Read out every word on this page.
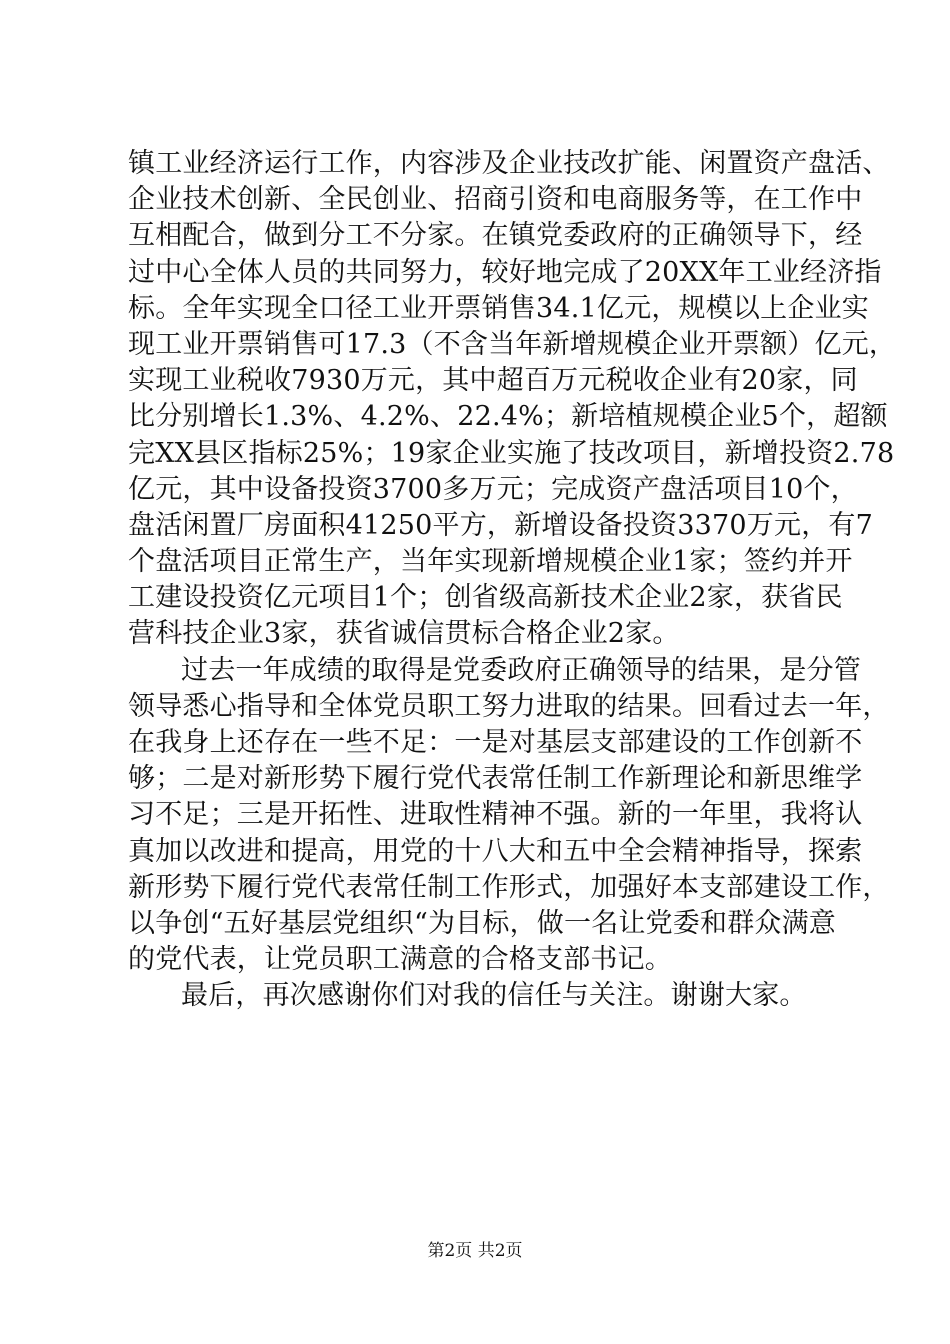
镇工业经济运行工作，内容涉及企业技改扩能、闲置资产盘活、
企业技术创新、全民创业、招商引资和电商服务等，在工作中
互相配合，做到分工不分家。在镇党委政府的正确领导下，经
过中心全体人员的共同努力，较好地完成了20XX年工业经济指
标。全年实现全口径工业开票销售34.1亿元，规模以上企业实
现工业开票销售可17.3（不含当年新增规模企业开票额）亿元，
实现工业税收7930万元，其中超百万元税收企业有20家，同
比分别增长1.3%、4.2%、22.4%；新培植规模企业5个，超额
完XX县区指标25%；19家企业实施了技改项目，新增投资2.78
亿元，其中设备投资3700多万元；完成资产盘活项目10个，
盘活闲置厂房面积41250平方，新增设备投资3370万元，有7
个盘活项目正常生产，当年实现新增规模企业1家；签约并开
工建设投资亿元项目1个；创省级高新技术企业2家，获省民
营科技企业3家，获省诚信贯标合格企业2家。
过去一年成绩的取得是党委政府正确领导的结果，是分管
领导悉心指导和全体党员职工努力进取的结果。回看过去一年，
在我身上还存在一些不足：一是对基层支部建设的工作创新不
够；二是对新形势下履行党代表常任制工作新理论和新思维学
习不足；三是开拓性、进取性精神不强。新的一年里，我将认
真加以改进和提高，用党的十八大和五中全会精神指导，探索
新形势下履行党代表常任制工作形式，加强好本支部建设工作，
以争创“五好基层党组织“为目标，做一名让党委和群众满意
的党代表，让党员职工满意的合格支部书记。
最后，再次感谢你们对我的信任与关注。谢谢大家。
第2页 共2页
